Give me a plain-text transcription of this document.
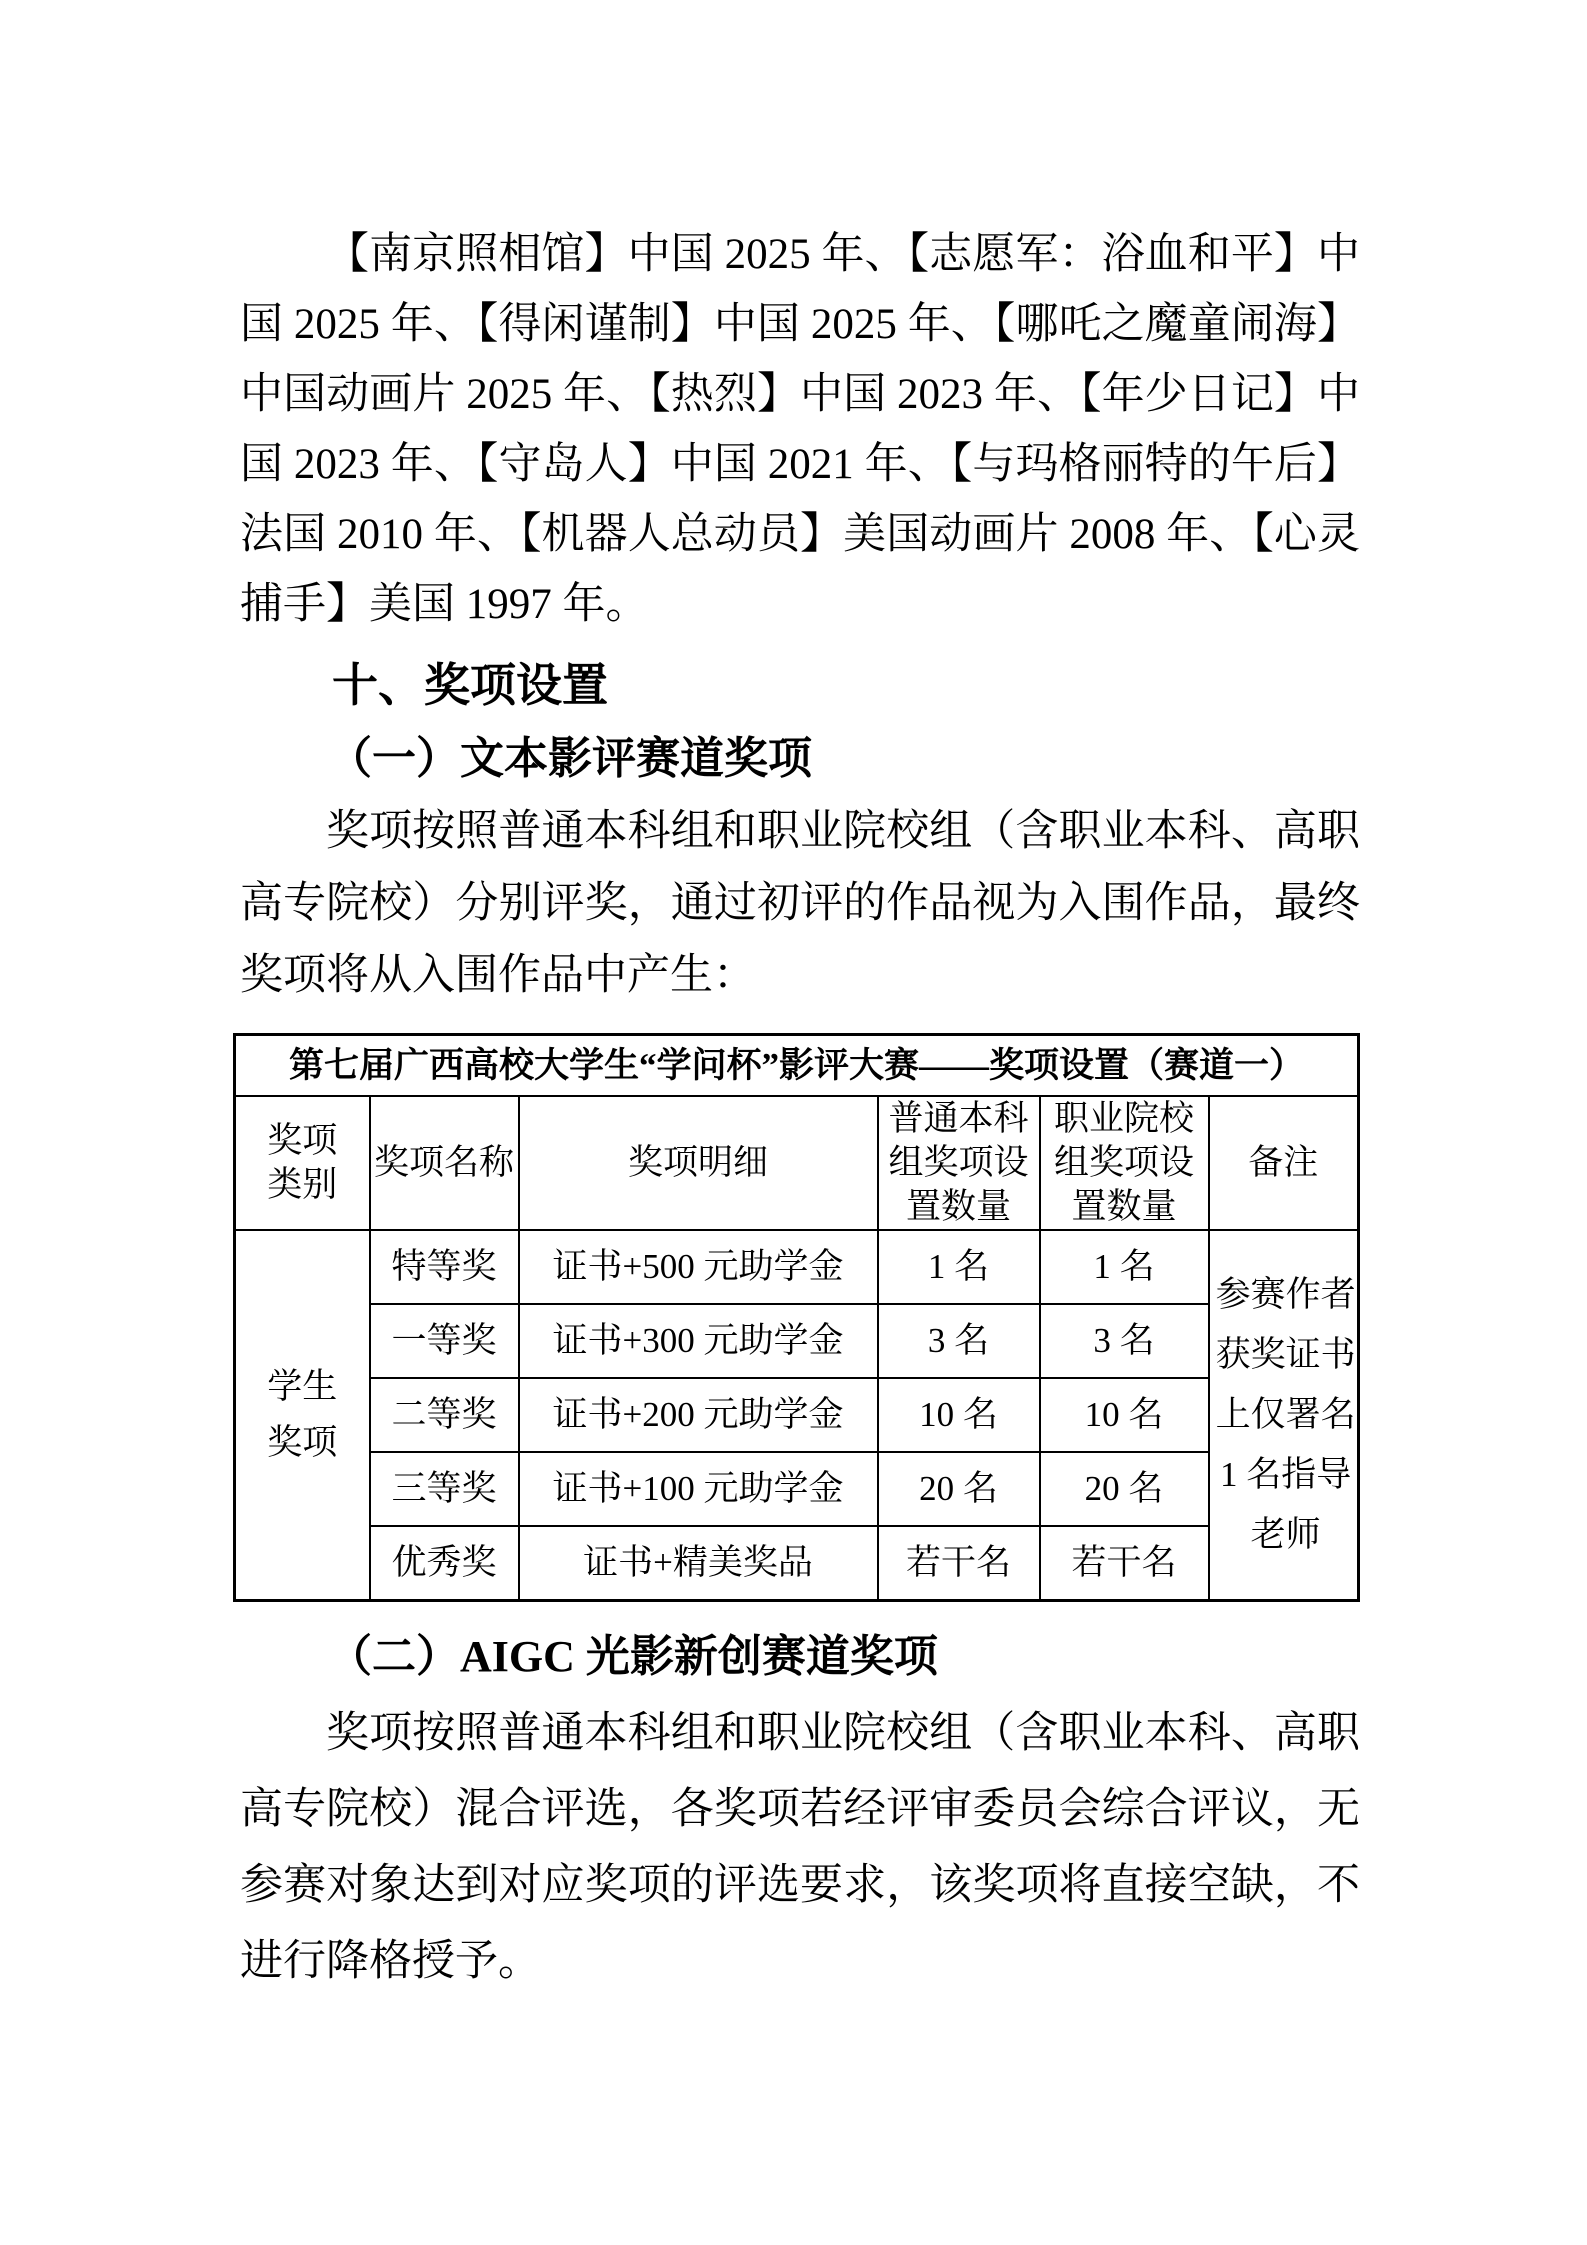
【南京照相馆】中国 2025 年、【志愿军：浴血和平】中国 2025 年、【得闲谨制】中国 2025 年、【哪吒之魔童闹海】中国动画片 2025 年、【热烈】中国 2023 年、【年少日记】中国 2023 年、【守岛人】中国 2021 年、【与玛格丽特的午后】法国 2010 年、【机器人总动员】美国动画片 2008 年、【心灵捕手】美国 1997 年。

十、奖项设置
（一）文本影评赛道奖项

奖项按照普通本科组和职业院校组（含职业本科、高职高专院校）分别评奖，通过初评的作品视为入围作品，最终奖项将从入围作品中产生：

第七届广西高校大学生“学问杯”影评大赛——奖项设置（赛道一）					

奖项类别	奖项名称	奖项明细	普通本科组奖项设置数量	职业院校组奖项设置数量	备注

学生奖项	特等奖	证书+500 元助学金	1 名	1 名	参赛作者获奖证书上仅署名 1 名指导老师

	一等奖	证书+300 元助学金	3 名	3 名	
	二等奖	证书+200 元助学金	10 名	10 名	
	三等奖	证书+100 元助学金	20 名	20 名	
	优秀奖	证书+精美奖品	若干名	若干名	
（二）AIGC 光影新创赛道奖项

奖项按照普通本科组和职业院校组（含职业本科、高职高专院校）混合评选，各奖项若经评审委员会综合评议，无参赛对象达到对应奖项的评选要求，该奖项将直接空缺，不进行降格授予。
